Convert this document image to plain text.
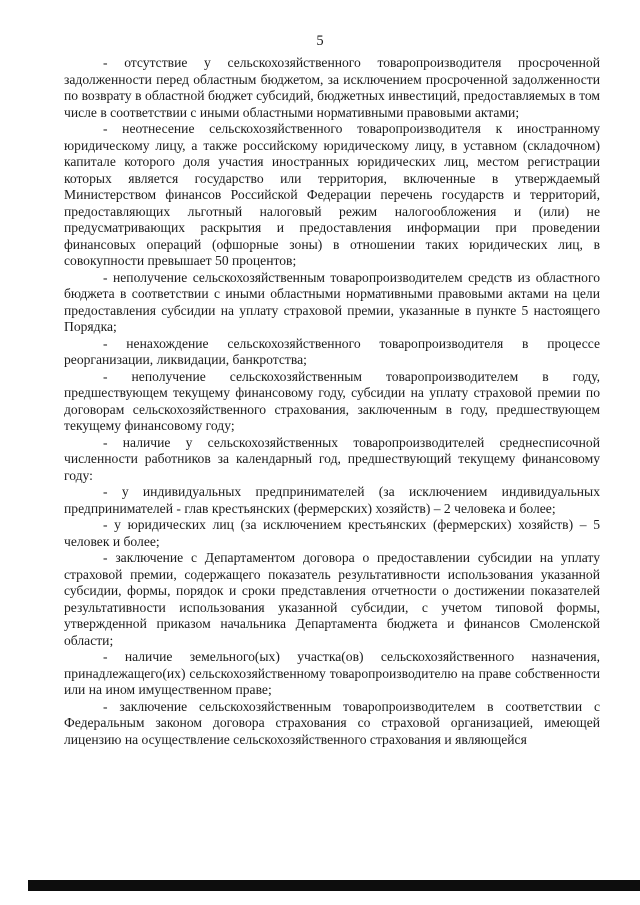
5

- отсутствие у сельскохозяйственного товаропроизводителя просроченной задолженности перед областным бюджетом, за исключением просроченной задолженности по возврату в областной бюджет субсидий, бюджетных инвестиций, предоставляемых в том числе в соответствии с иными областными нормативными правовыми актами;

- неотнесение сельскохозяйственного товаропроизводителя к иностранному юридическому лицу, а также российскому юридическому лицу, в уставном (складочном) капитале которого доля участия иностранных юридических лиц, местом регистрации которых является государство или территория, включенные в утверждаемый Министерством финансов Российской Федерации перечень государств и территорий, предоставляющих льготный налоговый режим налогообложения и (или) не предусматривающих раскрытия и предоставления информации при проведении финансовых операций (офшорные зоны) в отношении таких юридических лиц, в совокупности превышает 50 процентов;

- неполучение сельскохозяйственным товаропроизводителем средств из областного бюджета в соответствии с иными областными нормативными правовыми актами на цели предоставления субсидии на уплату страховой премии, указанные в пункте 5 настоящего Порядка;

- ненахождение сельскохозяйственного товаропроизводителя в процессе реорганизации, ликвидации, банкротства;

- неполучение сельскохозяйственным товаропроизводителем в году, предшествующем текущему финансовому году, субсидии на уплату страховой премии по договорам сельскохозяйственного страхования, заключенным в году, предшествующем текущему финансовому году;

- наличие у сельскохозяйственных товаропроизводителей среднесписочной численности работников за календарный год, предшествующий текущему финансовому году:

- у индивидуальных предпринимателей (за исключением индивидуальных предпринимателей - глав крестьянских (фермерских) хозяйств) – 2 человека и более;

- у юридических лиц (за исключением крестьянских (фермерских) хозяйств) – 5 человек и более;

- заключение с Департаментом договора о предоставлении субсидии на уплату страховой премии, содержащего показатель результативности использования указанной субсидии, формы, порядок и сроки представления отчетности о достижении показателей результативности использования указанной субсидии, с учетом типовой формы, утвержденной приказом начальника Департамента бюджета и финансов Смоленской области;

- наличие земельного(ых) участка(ов) сельскохозяйственного назначения, принадлежащего(их) сельскохозяйственному товаропроизводителю на праве собственности или на ином имущественном праве;

- заключение сельскохозяйственным товаропроизводителем в соответствии с Федеральным законом договора страхования со страховой организацией, имеющей лицензию на осуществление сельскохозяйственного страхования и являющейся
